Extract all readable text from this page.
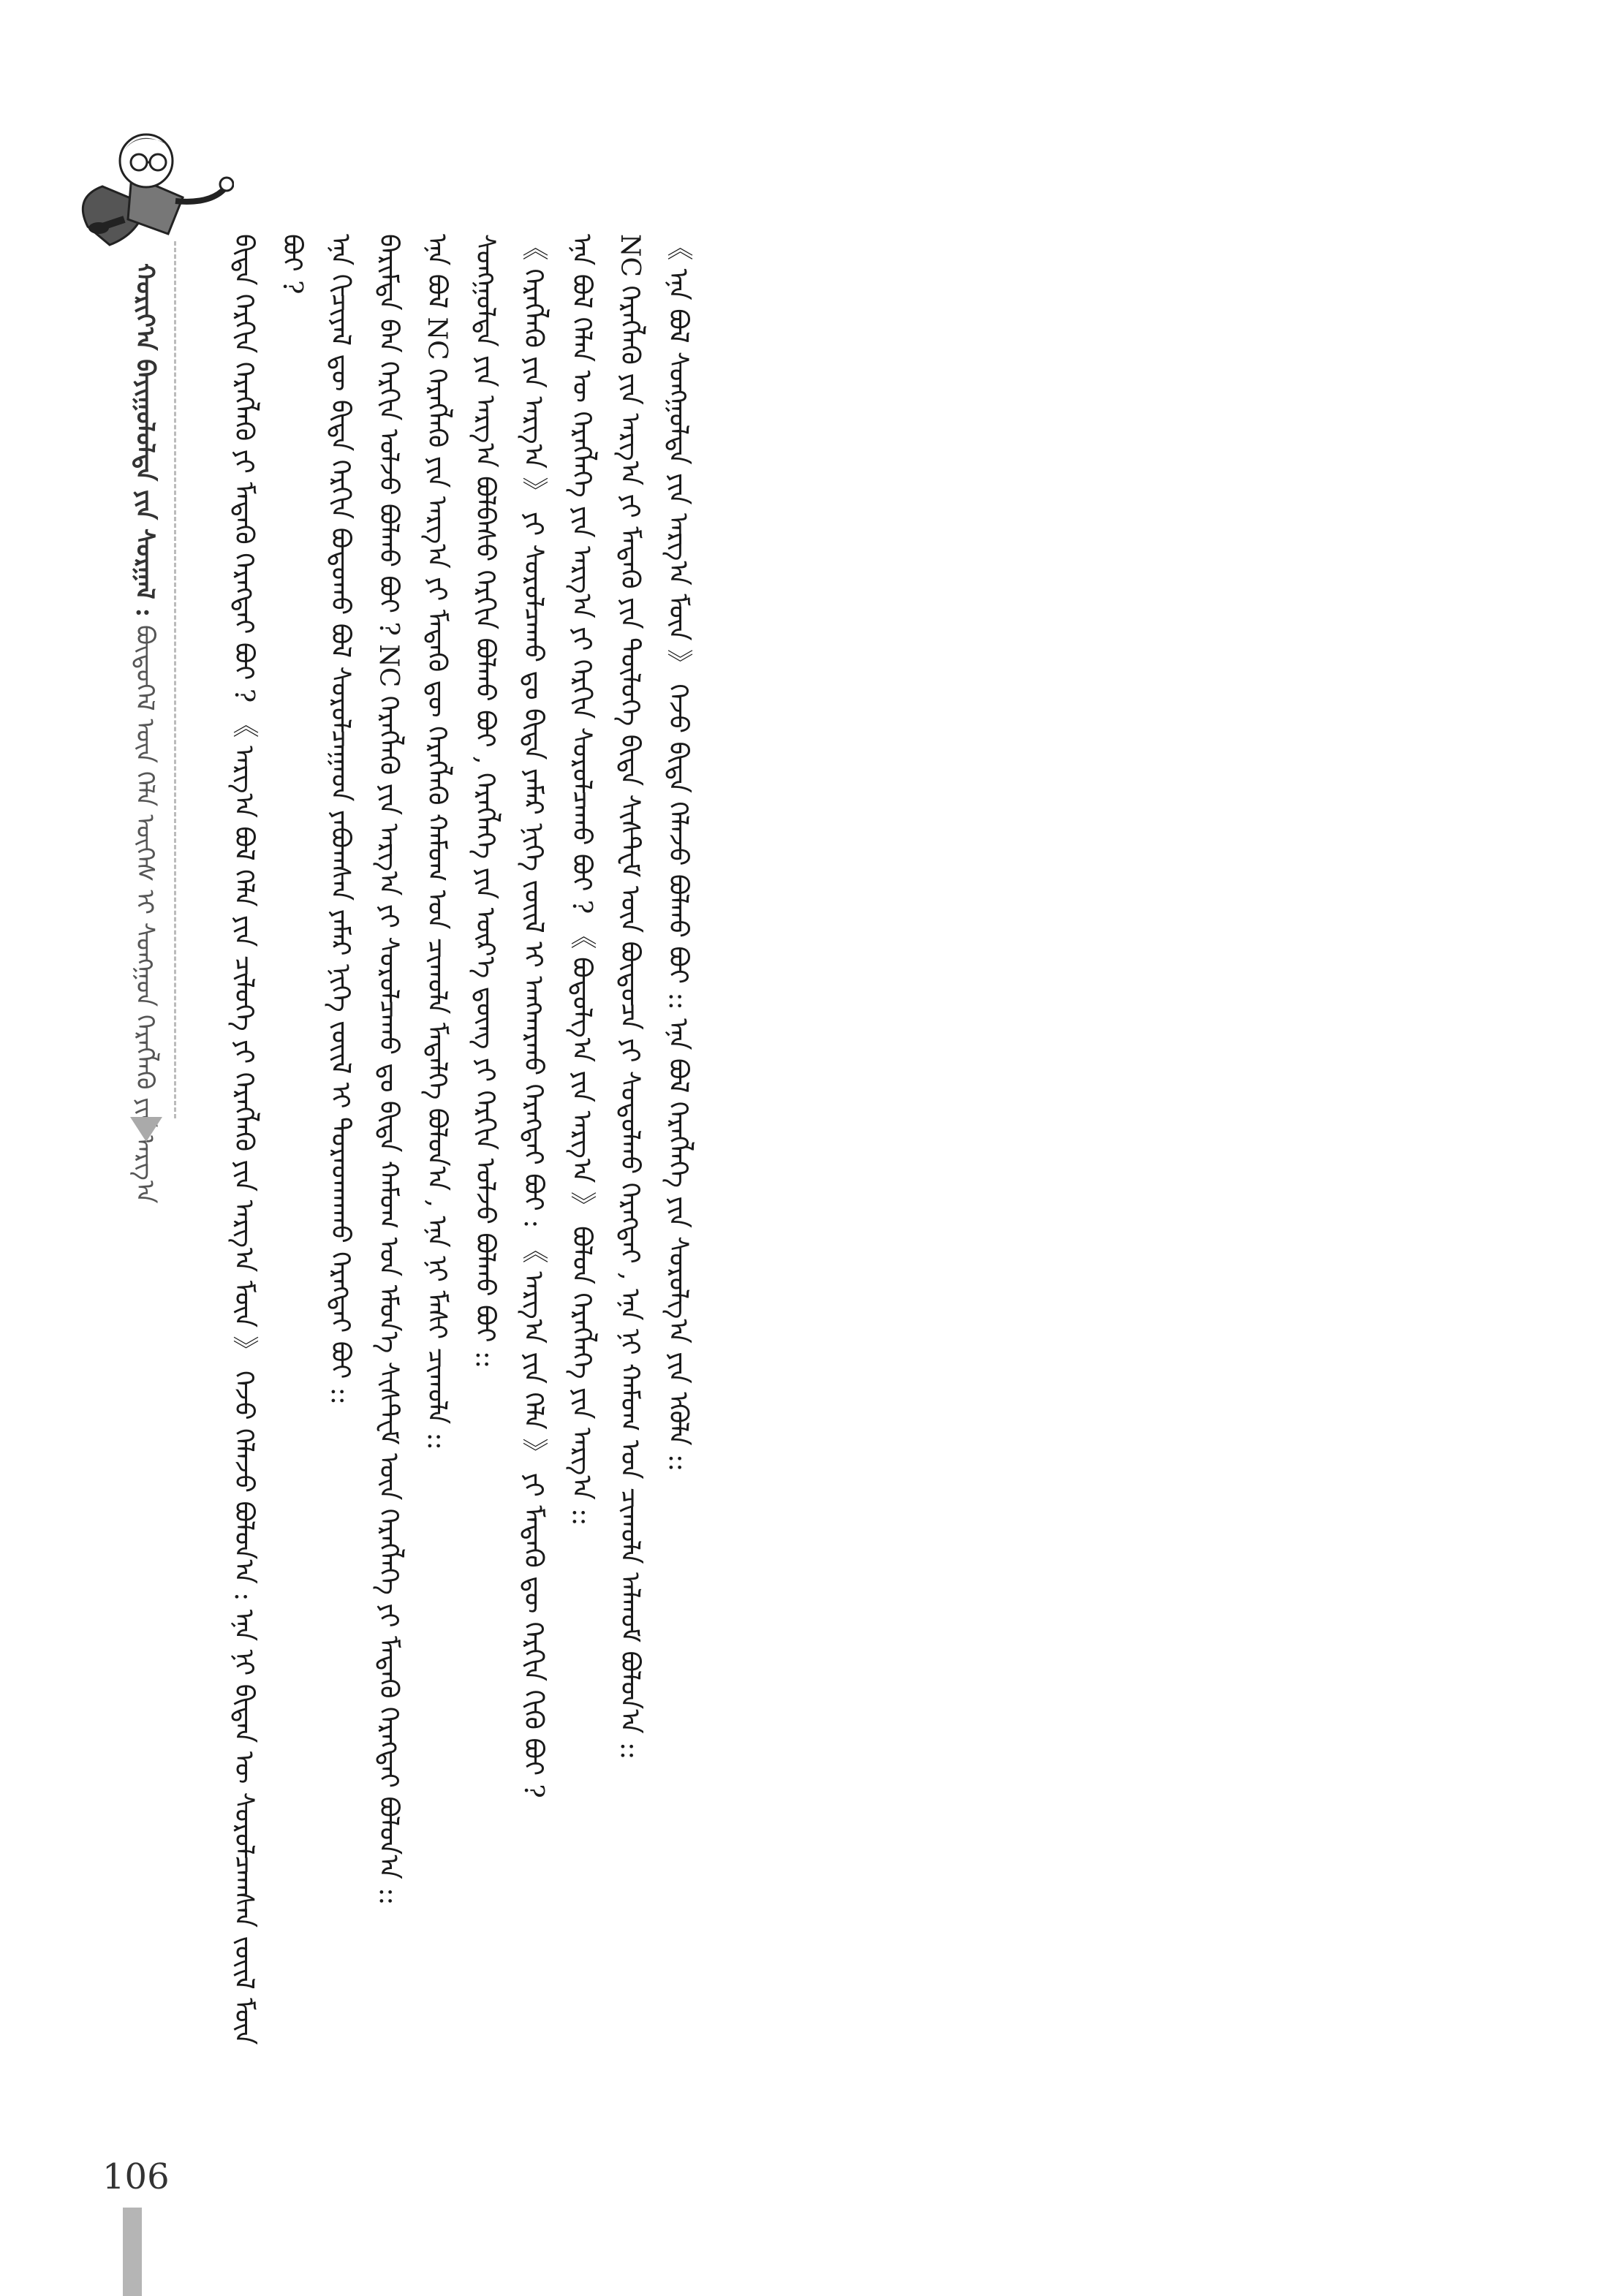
ᠬᠣᠷᠢᠶ᠎ᠠ ᠪᠠᠶᠢᠭᠤᠯᠤᠯᠲᠠ ᠶᠢᠨ ᠰᠤᠷᠭᠠᠯ : ᠪᠦᠲᠦᠭᠡᠯ ᠦᠨ ᠬᠡᠯᠡ ᠦᠭᠡᠰ ᠢ ᠰᠣᠩᠭᠣᠨ ᠬᠡᠷᠡᠭᠯᠡᠬᠦ ᠶᠢᠨ ᠠᠷᠭ᠎ᠠ	ᠪᠢᠳᠡ ᠬᠡᠷᠬᠢᠨ ᠬᠡᠷᠡᠭᠯᠡᠬᠦ ᠶᠢ ᠮᠡᠳᠡᠬᠦ ᠬᠡᠷᠡᠭᠲᠡᠢ ᠪᠤᠢ ? 《 ᠠᠷᠭ᠎ᠠ ᠪᠣᠯ ᠬᠡᠯᠡ ᠶᠢᠨ ᠴᠢᠯᠦᠭᠡ ᠶᠢ ᠬᠡᠷᠡᠭᠯᠡᠬᠦ ᠶᠢᠨ ᠠᠷᠭ᠎ᠠ ᠮᠥᠨ 》 ᠭᠡᠵᠦ ᠬᠡᠯᠡᠵᠦ ᠪᠣᠯᠣᠨ᠎ᠠ : ᠡᠨᠡ ᠨᠢ ᠪᠢᠳᠡᠨ ᠦ ᠰᠤᠷᠤᠯᠴᠠᠭᠰᠠᠨ ᠵᠦᠢᠯ ᠮᠥᠨ ᠪᠤᠢ ? ᠡᠨᠡ ᠬᠢᠴᠢᠶᠡᠯ ᠳᠦ ᠪᠢᠳᠡ ᠬᠡᠷᠬᠢᠨ ᠪᠣᠳᠣᠬᠤ ᠪᠣᠯ ᠰᠤᠷᠤᠯᠴᠠᠭᠠᠳ ᠶᠠᠪᠤᠭᠰᠠᠨ ᠶᠠᠮᠠᠷ ᠨᠢᠭᠡ ᠵᠦᠢᠯ ᠢ ᠳᠤᠷᠠᠳᠬᠠᠬᠤ ᠬᠡᠷᠡᠭᠲᠡᠢ ᠪᠤᠢ :: ᠪᠠᠷᠢᠮᠲᠠ ᠪᠠᠨ ᠬᠡᠷᠬᠢᠨ ᠣᠯᠵᠤ ᠪᠣᠯᠬᠤ ᠪᠤᠢ ? NC ᠬᠡᠷᠡᠭᠯᠡᠬᠦ ᠶᠢᠨ ᠠᠷᠭ᠎ᠠ ᠶᠢ ᠰᠤᠷᠤᠯᠴᠠᠬᠤ ᠳᠤ ᠪᠢᠳᠡ ᠬᠠᠮᠤᠭ ᠤᠨ ᠡᠮᠦᠨ᠎ᠡ ᠰᠢᠰᠲ᠋ᠧᠮ ᠦᠨ ᠬᠡᠷᠡᠭᠯᠡᠭᠡ ᠶᠢ ᠮᠡᠳᠡᠬᠦ ᠬᠡᠷᠡᠭᠲᠡᠢ ᠪᠣᠯᠤᠨ᠎ᠠ :: ᠡᠨᠡ ᠪᠣᠯ NC ᠬᠡᠷᠡᠭᠯᠡᠬᠦ ᠶᠢᠨ ᠠᠷᠭ᠎ᠠ ᠶᠢ ᠮᠡᠳᠡᠬᠦ ᠳᠦ ᠬᠡᠷᠡᠭᠯᠡᠬᠦ ᠬᠠᠮᠤᠭ ᠤᠨ ᠴᠢᠬᠤᠯᠠ ᠮᠡᠳᠡᠯᠭᠡ ᠪᠣᠯᠣᠨ᠎ᠠ , ᠡᠨᠡ ᠨᠢ ᠮᠠᠰᠢ ᠴᠢᠬᠤᠯᠠ :: ᠰᠣᠩᠭᠣᠯᠲᠠ ᠶᠢᠨ ᠠᠷᠭ᠎ᠠ ᠪᠣᠯᠪᠠᠰᠤ ᠬᠡᠷᠬᠢᠨ ᠪᠣᠯᠬᠤ ᠪᠤᠢ , ᠬᠡᠷᠡᠭᠯᠡᠭᠡ ᠶᠢᠨ ᠦᠷ᠎ᠡ ᠳ᠋ᠦᠩ ᠶᠢ ᠬᠡᠷᠬᠢᠨ ᠣᠯᠵᠤ ᠪᠣᠯᠬᠤ ᠪᠤᠢ :: 《 ᠬᠡᠷᠡᠭᠯᠡᠬᠦ ᠶᠢᠨ ᠠᠷᠭ᠎ᠠ 》 ᠶᠢ ᠰᠤᠷᠤᠯᠴᠠᠬᠤ ᠳᠤ ᠪᠢᠳᠡ ᠶᠠᠮᠠᠷ ᠨᠢᠭᠡ ᠵᠦᠢᠯ ᠢ ᠠᠩᠬᠠᠷᠬᠤ ᠬᠡᠷᠡᠭᠲᠡᠢ ᠪᠤᠢ : 《 ᠠᠷᠭ᠎ᠠ ᠶᠢᠨ ᠬᠡᠯᠡ 》 ᠶᠢ ᠮᠡᠳᠡᠬᠦ ᠳᠦ ᠬᠡᠷᠬᠢᠨ ᠬᠢᠬᠦ ᠪᠤᠢ ? ᠡᠨᠡ ᠪᠣᠯ ᠬᠡᠯᠡᠨ ᠦ ᠬᠡᠷᠡᠭᠯᠡᠭᠡ ᠶᠢᠨ ᠠᠷᠭ᠎ᠠ ᠶᠢ ᠬᠡᠷᠬᠢᠨ ᠰᠤᠷᠤᠯᠴᠠᠬᠤ ᠪᠤᠢ ? 《 ᠪᠣᠳᠣᠯᠭ᠎ᠠ ᠶᠢᠨ ᠠᠷᠭ᠎ᠠ 》 ᠪᠣᠯᠣᠨ ᠬᠡᠷᠡᠭᠯᠡᠭᠡ ᠶᠢᠨ ᠠᠷᠭ᠎ᠠ :: NC ᠬᠡᠷᠡᠭᠯᠡᠬᠦ ᠶᠢᠨ ᠠᠷᠭ᠎ᠠ ᠶᠢ ᠮᠡᠳᠡᠬᠦ ᠶᠢᠨ ᠲᠥᠯᠦᠭᠡ ᠪᠢᠳᠡ ᠰᠢᠰᠲ᠋ᠧᠮ ᠦᠨ ᠪᠦᠲᠦᠴᠡ ᠶᠢ ᠰᠤᠳᠤᠯᠬᠤ ᠬᠡᠷᠡᠭᠲᠡᠢ , ᠡᠨᠡ ᠨᠢ ᠬᠠᠮᠤᠭ ᠤᠨ ᠴᠢᠬᠤᠯᠠ ᠠᠯᠬᠤᠮ ᠪᠣᠯᠣᠨ᠎ᠠ :: 《 ᠡᠨᠡ ᠪᠣᠯ ᠰᠣᠩᠭᠣᠯᠲᠠ ᠶᠢᠨ ᠠᠷᠭ᠎ᠠ ᠮᠥᠨ 》 ᠭᠡᠵᠦ ᠪᠢᠳᠡ ᠬᠡᠯᠡᠵᠦ ᠪᠣᠯᠬᠤ ᠪᠤᠢ :: ᠡᠨᠡ ᠪᠣᠯ ᠬᠡᠷᠡᠭᠯᠡᠭᠡ ᠶᠢᠨ ᠰᠤᠷᠤᠯᠭ᠎ᠠ ᠶᠢᠨ ᠡᠭᠦᠯᠡ ::

106
